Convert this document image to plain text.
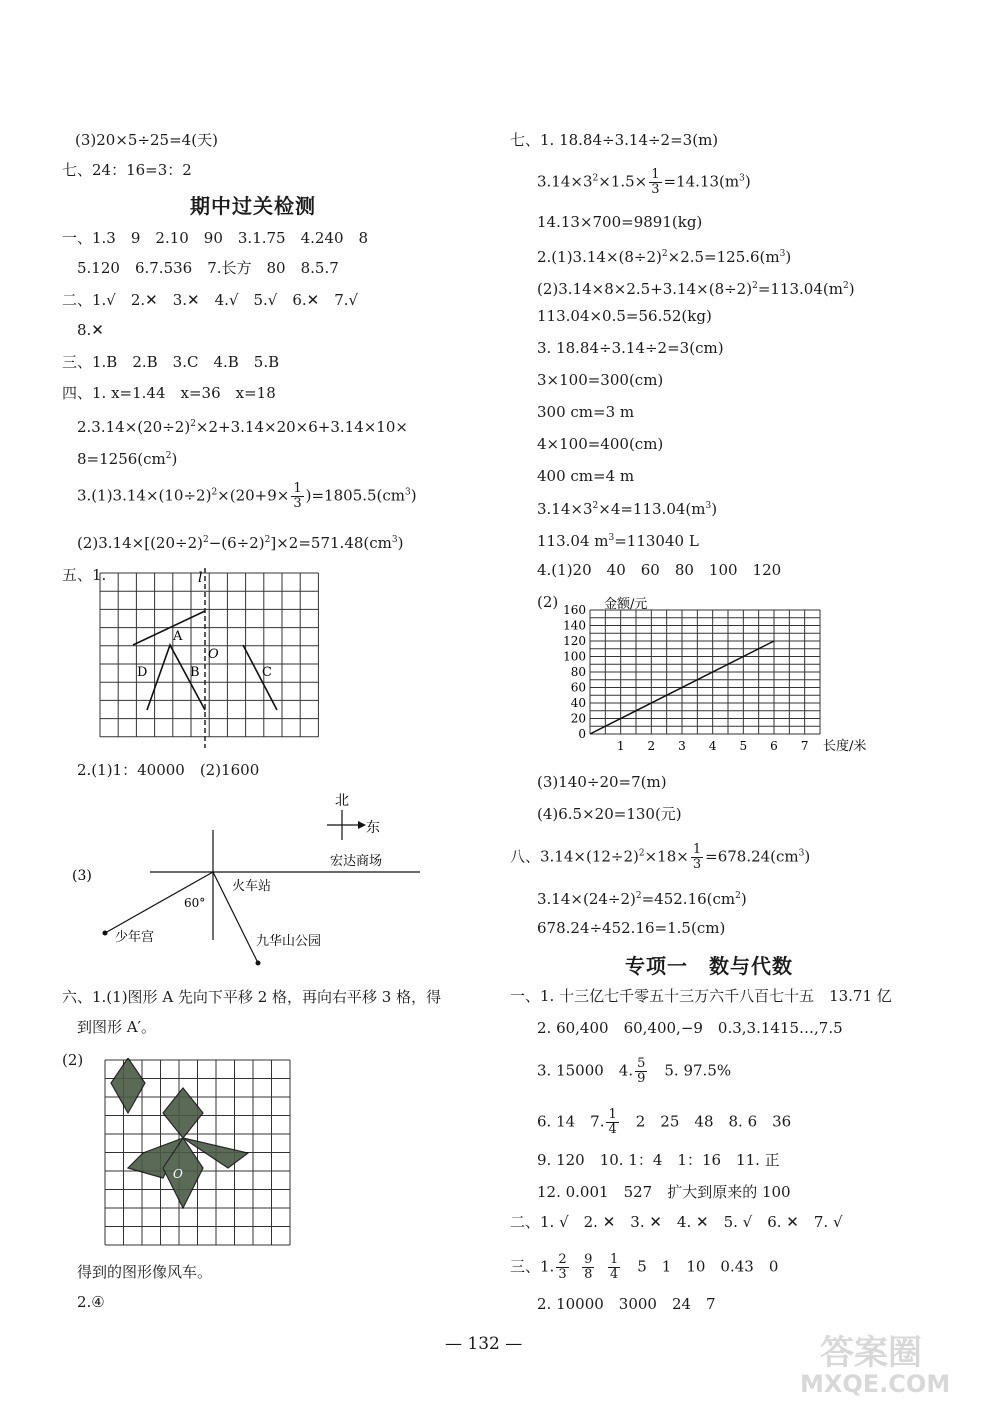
(3)20×5÷25=4(天)
七、24：16=3：2
期中过关检测
一、1.3　9　2.10　90　3.1.75　4.240　8
5.120　6.7.536　7.长方　80　8.5.7
二、1.√　2.✕　3.✕　4.√　5.√　6.✕　7.√
8.✕
三、1.B　2.B　3.C　4.B　5.B
四、1. x=1.44　x=36　x=18
$2.3.14\times(20\div 2)^2\times 2+3.14\times 20\times 6+3.14\times 10\times$
$8=1256(cm^2)$
$3.(1)3.14\times(10\div 2)^2\times(20+9\times \frac{1}{3} )=1805.5(cm^3)$
$(2)3.14\times[(20\div 2)^2-(6\div 2)^2]\times 2=571.48(cm^3)$
五、1.	l
A
D	B
O
C
2.(1)1：40000　(2)1600
北
东
(3)
宏达商场
火车站
60°
少年宫	九华山公园
六、1.(1)图形 A 先向下平移 2 格，再向右平移 3 格，得
到图形 A′。
(2)
O
得到的图形像风车。
2.④
七、1. 18.84÷3.14÷2=3(m)
$3.14\times 3^2\times 1.5\times \frac{1}{3} =14.13(m^3)$
14.13×700=9891(kg)
$2.(1)3.14\times(8\div 2)^2\times 2.5=125.6(m^3)$
$(2)3.14\times 8\times 2.5+3.14\times(8\div 2)^2=113.04(m^2)$
113.04×0.5=56.52(kg)
3. 18.84÷3.14÷2=3(cm)
3×100=300(cm)
300 cm=3 m
4×100=400(cm)
400 cm=4 m
$3.14\times 3^2\times 4=113.04(m^3)$
113.04 $m^3=113040$ L
4.(1)20　40　60　80　100　120
(2)
0
20
40
60
80
100
120
140
160
1 2 3 4 5 6 7
金额/元
长度/米
(3)140÷20=7(m)
(4)6.5×20=130(元)
八、$3.14\times(12\div 2)^2\times 18\times \frac{1}{3} =678.24(cm^3)$
$3.14\times(24\div 2)^2=452.16(cm^2)$
678.24÷452.16=1.5(cm)
专项一　数与代数
一、1. 十三亿七千零五十三万六千八百七十五　13.71 亿
2. 60,400　60,400,−9　0.3,3.1415…,7.5
3. 15000　4. $\frac{5}{9}$ 　5. 97.5%
6. 14　7. $\frac{1}{4}$ 　2　25　48　8. 6　36
9. 120　10. 1：4　1：16　11. 正
12. 0.001　527　扩大到原来的 100
二、1. √　2. ✕　3. ✕　4. ✕　5. √　6. ✕　7. √
三、1. $\frac{2}{3}$
$\frac{9}{8}$
$\frac{1}{4}$ 　5　1　10　0.43　0
2. 10000　3000　24　7
— 132 —	答案圈
MXQE.COM
